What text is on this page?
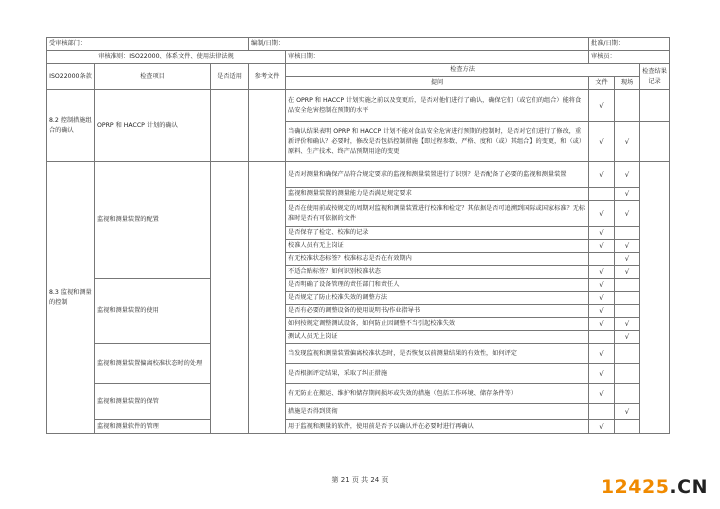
受审核部门：			编制/日期：		批准/日期：		
审核准则：ISO22000、体系文件、使用法律法规				审核日期：	审核员：		
ISO22000条款	检查项目	是否适用	参考文件	检查方法			检查结果记录
				提问	文件	现场	
8.2 控制措施组合的确认	OPRP 和 HACCP 计划的确认			在 OPRP 和 HACCP 计划实施之前以及变更后，是否对他们进行了确认，确保它们（或它们的组合）能将食品安全危害控制在预期的水平	√		
				当确认结果表明 OPRP 和 HACCP 计划不能对食品安全危害进行预期的控制时，是否对它们进行了修改，重新评价和确认？必要时，修改是否包括控制措施【即过程参数、严格、度和（或）其组合】的变更，和（或）原料、生产技术、终产品预期用途的变更	√	√	
8.3 监视和测量的控制	监视和测量装置的配置			是否对测量和确保产品符合规定要求的监视和测量装置进行了识别？是否配备了必要的监视和测量装置	√	√	
				监视和测量装置的测量能力是否满足规定要求		√	
				是否在使用前或按规定的周期对监视和测量装置进行校准和检定？其依据是否可追溯到国际或国家标准？无标准时是否有可依据的文件	√	√	
				是否保存了检定、校准的记录	√		
				校准人员有无上岗证	√	√	
				有无校准状态标签？校准标志是否在有效期内		√	
				不适合贴标签？如何识别校准状态	√	√	
	监视和测量装置的使用			是否明确了设备管理的责任部门和责任人	√		
				是否规定了防止校准失效的调整方法	√		
				是否有必要的调整设备的使用说明书/作业指导书	√		
				如何按规定调整测试设备，如何防止因调整不当引起校准失效	√	√	
				测试人员无上岗证		√	
	监视和测量装置偏离校准状态时的处理			当发现监视和测量装置偏离校准状态时，是否恢复以前测量结果的有效性，如何评定	√		
				是否根据评定结果，采取了纠正措施	√		
	监视和测量装置的保管			有无防止在搬运、维护和储存期间损坏或失效的措施（包括工作环境、储存条件等）	√		
				措施是否得到贯彻		√	
	监视和测量软件的管理			用于监视和测量的软件，使用前是否予以确认并在必要时进行再确认	√		
第 21 页 共 24 页	12425.CN
